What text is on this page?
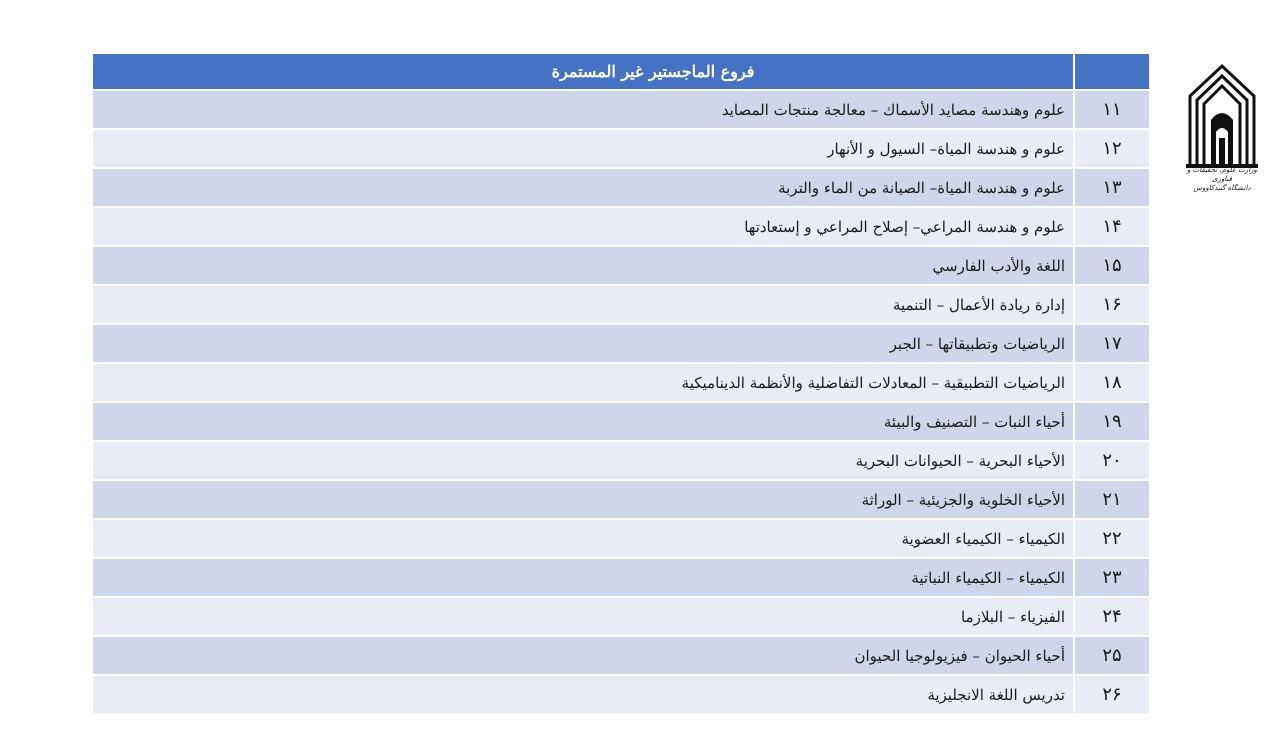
فروع الماجستير غير المستمرة
۱۱
علوم وهندسة مصايد الأسماك – معالجة منتجات المصايد
۱۲
علوم و هندسة المياة– السيول و الأنهار
۱۳
علوم و هندسة المياة– الصيانة من الماء والتربة
۱۴
علوم و هندسة المراعي– إصلاح المراعي و إستعادتها
۱۵
اللغة والأدب الفارسي
۱۶
إدارة ريادة الأعمال – التنمية
۱۷
الرياضيات وتطبيقاتها – الجبر
۱۸
الرياضيات التطبيقية – المعادلات التفاضلية والأنظمة الديناميكية
۱۹
أحياء النبات – التصنيف والبيئة
۲۰
الأحياء البحرية – الحيوانات البحرية
۲۱
الأحياء الخلوية والجزيئية – الوراثة
۲۲
الكيمياء – الكيمياء العضوية
۲۳
الكيمياء – الكيمياء النباتية
۲۴
الفيزياء – البلازما
۲۵
أحياء الحيوان – فيزيولوجيا الحيوان
۲۶
تدريس اللغة الانجليزية
وزارت علوم، تحقیقات و فناوری
دانشگاه گنبدکاووس
